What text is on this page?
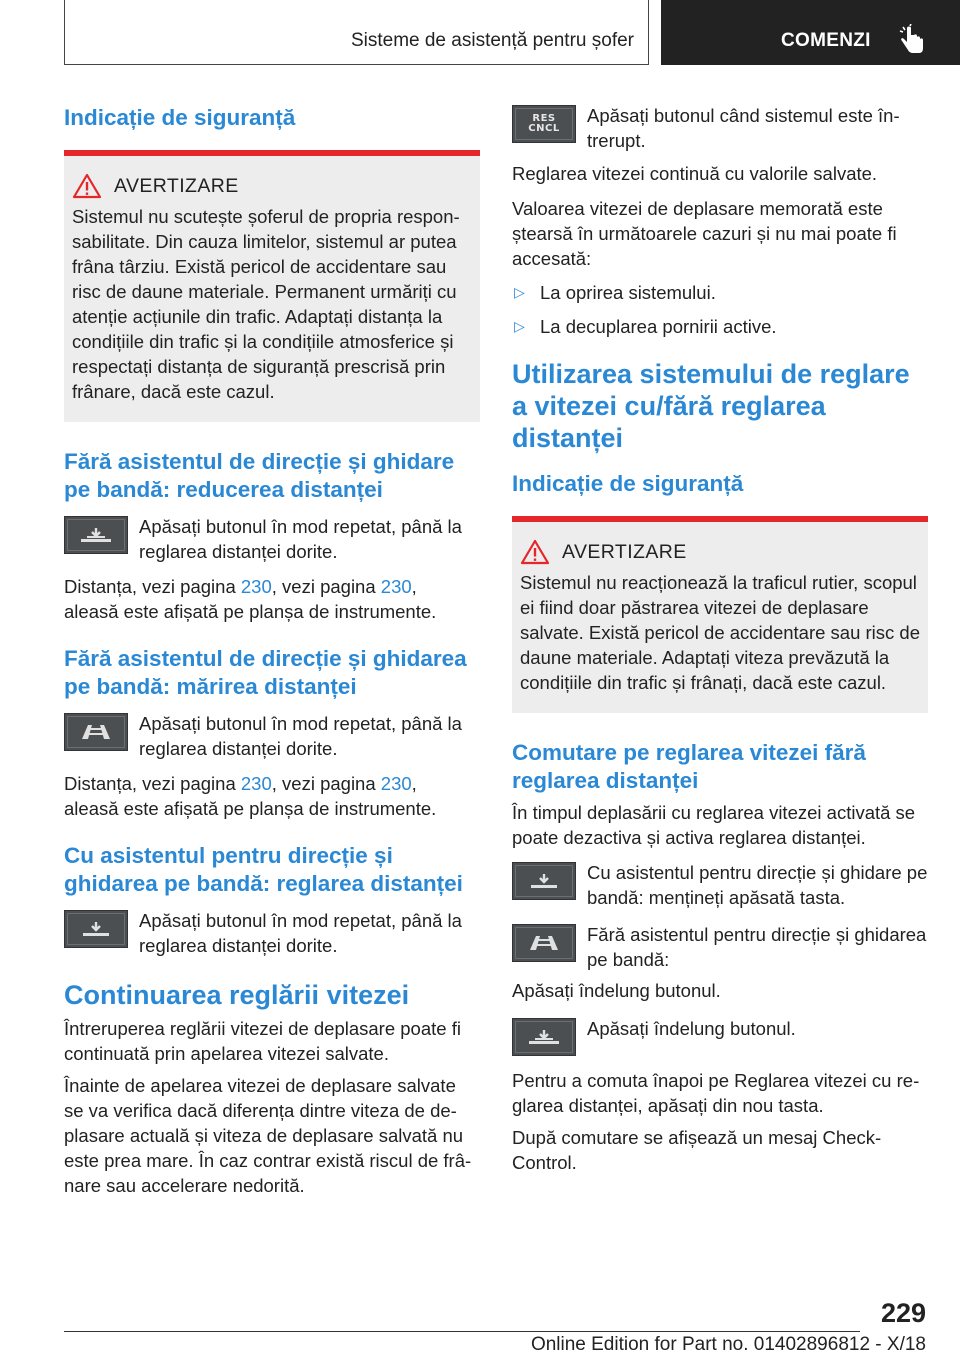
Sisteme de asistență pentru șofer	COMENZI
Indicație de siguranță
AVERTIZARE
Sistemul nu scutește șoferul de propria responsabilitate. Din cauza limitelor, sistemul ar putea frâna târziu. Există pericol de accidentare sau risc de daune materiale. Permanent urmăriți cu atenție acțiunile din trafic. Adaptați distanța la condițiile din trafic și la condițiile atmosferice și respectați distanța de siguranță prescrisă prin frânare, dacă este cazul.
Fără asistentul de direcție și ghidare pe bandă: reducerea distanței
Apăsați butonul în mod repetat, până la reglarea distanței dorite.
Distanța, vezi pagina 230, vezi pagina 230,
aleasă este afișată pe planșa de instrumente.
Fără asistentul de direcție și ghidarea pe bandă: mărirea distanței
Apăsați butonul în mod repetat, până la reglarea distanței dorite.
Distanța, vezi pagina 230, vezi pagina 230,
aleasă este afișată pe planșa de instrumente.
Cu asistentul pentru direcție și ghidarea pe bandă: reglarea distanței
Apăsați butonul în mod repetat, până la reglarea distanței dorite.
Continuarea reglării vitezei
Întreruperea reglării vitezei de deplasare poate fi continuată prin apelarea vitezei salvate.
Înainte de apelarea vitezei de deplasare salvate se va verifica dacă diferența dintre viteza de deplasare actuală și viteza de deplasare salvată nu este prea mare. În caz contrar există riscul de frânare sau accelerare nedorită.
RES
CNCL
Apăsați butonul când sistemul este întrerupt.
Reglarea vitezei continuă cu valorile salvate.
Valoarea vitezei de deplasare memorată este ștearsă în următoarele cazuri și nu mai poate fi accesată:
▷ La oprirea sistemului.
▷ La decuplarea pornirii active.
Utilizarea sistemului de reglare a vitezei cu/fără reglarea distanței
Indicație de siguranță
AVERTIZARE
Sistemul nu reacționează la traficul rutier, scopul ei fiind doar păstrarea vitezei de deplasare salvate. Există pericol de accidentare sau risc de daune materiale. Adaptați viteza prevăzută la condițiile din trafic și frânați, dacă este cazul.
Comutare pe reglarea vitezei fără reglarea distanței
În timpul deplasării cu reglarea vitezei activată se poate dezactiva și activa reglarea distanței.
Cu asistentul pentru direcție și ghidare pe bandă: mențineți apăsată tasta.
Fără asistentul pentru direcție și ghidarea pe bandă:
Apăsați îndelung butonul.
Apăsați îndelung butonul.
Pentru a comuta înapoi pe Reglarea vitezei cu reglarea distanței, apăsați din nou tasta.
După comutare se afișează un mesaj Check-Control.
229
Online Edition for Part no. 01402896812 - X/18
